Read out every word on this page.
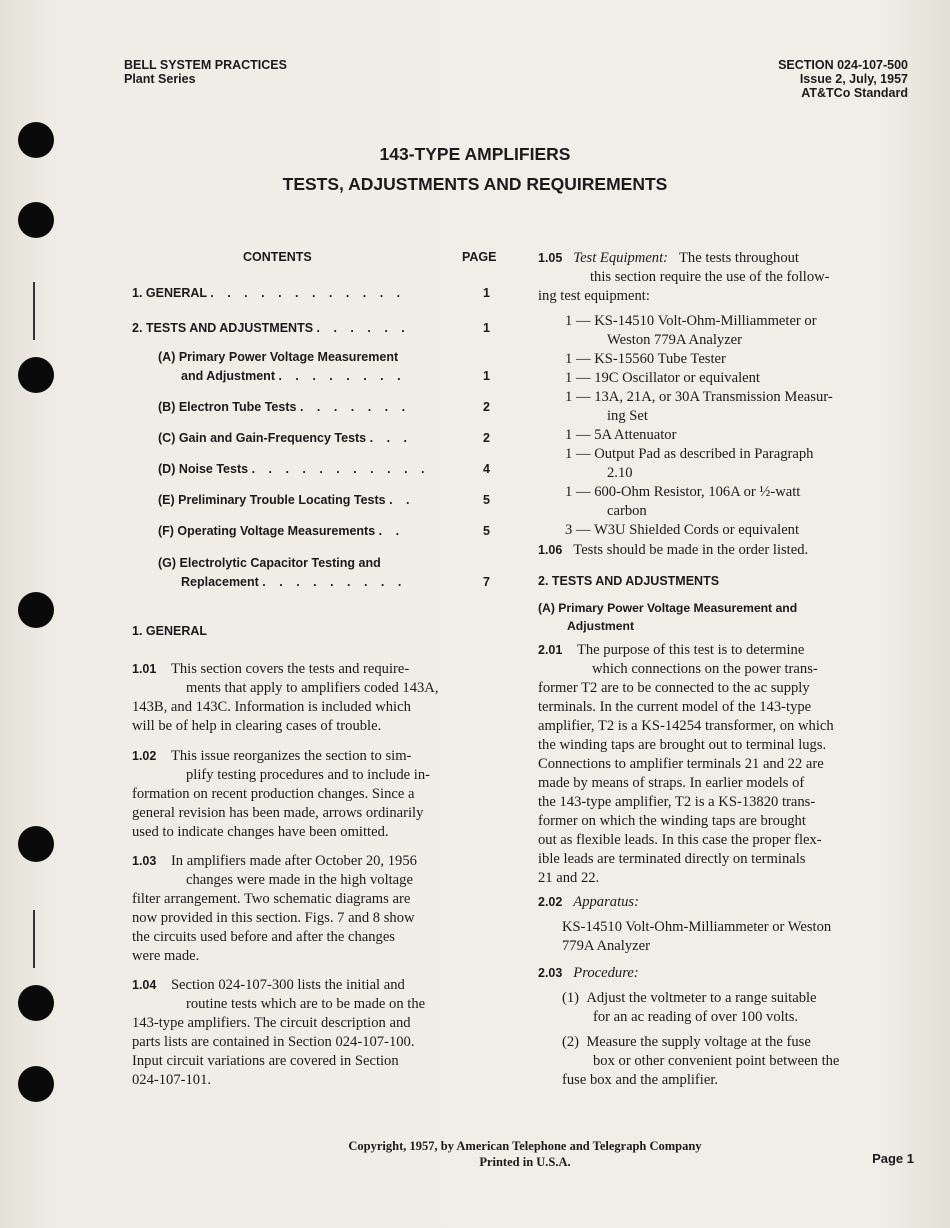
BELL SYSTEM PRACTICES
Plant Series
SECTION 024-107-500
Issue 2, July, 1957
AT&TCo Standard
143-TYPE AMPLIFIERS
TESTS, ADJUSTMENTS AND REQUIREMENTS
CONTENTS	PAGE
1. GENERAL . . . . . . . . . . . .	1
2. TESTS AND ADJUSTMENTS . . . . . .	1
(A) Primary Power Voltage Measurement
and Adjustment . . . . . . . .	1
(B) Electron Tube Tests . . . . . . .	2
(C) Gain and Gain-Frequency Tests . . .	2
(D) Noise Tests . . . . . . . . . . .	4
(E) Preliminary Trouble Locating Tests . .	5
(F) Operating Voltage Measurements . .	5
(G) Electrolytic Capacitor Testing and
Replacement . . . . . . . . .	7
1. GENERAL
1.01 This section covers the tests and require-
ments that apply to amplifiers coded 143A,
143B, and 143C. Information is included which
will be of help in clearing cases of trouble.
1.02 This issue reorganizes the section to sim-
plify testing procedures and to include in-
formation on recent production changes. Since a
general revision has been made, arrows ordinarily
used to indicate changes have been omitted.
1.03 In amplifiers made after October 20, 1956
changes were made in the high voltage
filter arrangement. Two schematic diagrams are
now provided in this section. Figs. 7 and 8 show
the circuits used before and after the changes
were made.
1.04 Section 024-107-300 lists the initial and
routine tests which are to be made on the
143-type amplifiers. The circuit description and
parts lists are contained in Section 024-107-100.
Input circuit variations are covered in Section
024-107-101.
1.05 Test Equipment: The tests throughout
this section require the use of the follow-
ing test equipment:
1 — KS-14510 Volt-Ohm-Milliammeter or
Weston 779A Analyzer
1 — KS-15560 Tube Tester
1 — 19C Oscillator or equivalent
1 — 13A, 21A, or 30A Transmission Measur-
ing Set
1 — 5A Attenuator
1 — Output Pad as described in Paragraph
2.10
1 — 600-Ohm Resistor, 106A or ½-watt
carbon
3 — W3U Shielded Cords or equivalent
1.06 Tests should be made in the order listed.
2. TESTS AND ADJUSTMENTS
(A) Primary Power Voltage Measurement and
Adjustment
2.01 The purpose of this test is to determine
which connections on the power trans-
former T2 are to be connected to the ac supply
terminals. In the current model of the 143-type
amplifier, T2 is a KS-14254 transformer, on which
the winding taps are brought out to terminal lugs.
Connections to amplifier terminals 21 and 22 are
made by means of straps. In earlier models of
the 143-type amplifier, T2 is a KS-13820 trans-
former on which the winding taps are brought
out as flexible leads. In this case the proper flex-
ible leads are terminated directly on terminals
21 and 22.
2.02 Apparatus:
KS-14510 Volt-Ohm-Milliammeter or Weston
779A Analyzer
2.03 Procedure:
(1) Adjust the voltmeter to a range suitable
for an ac reading of over 100 volts.
(2) Measure the supply voltage at the fuse
box or other convenient point between the
fuse box and the amplifier.
Copyright, 1957, by American Telephone and Telegraph Company
Printed in U.S.A.	Page 1
